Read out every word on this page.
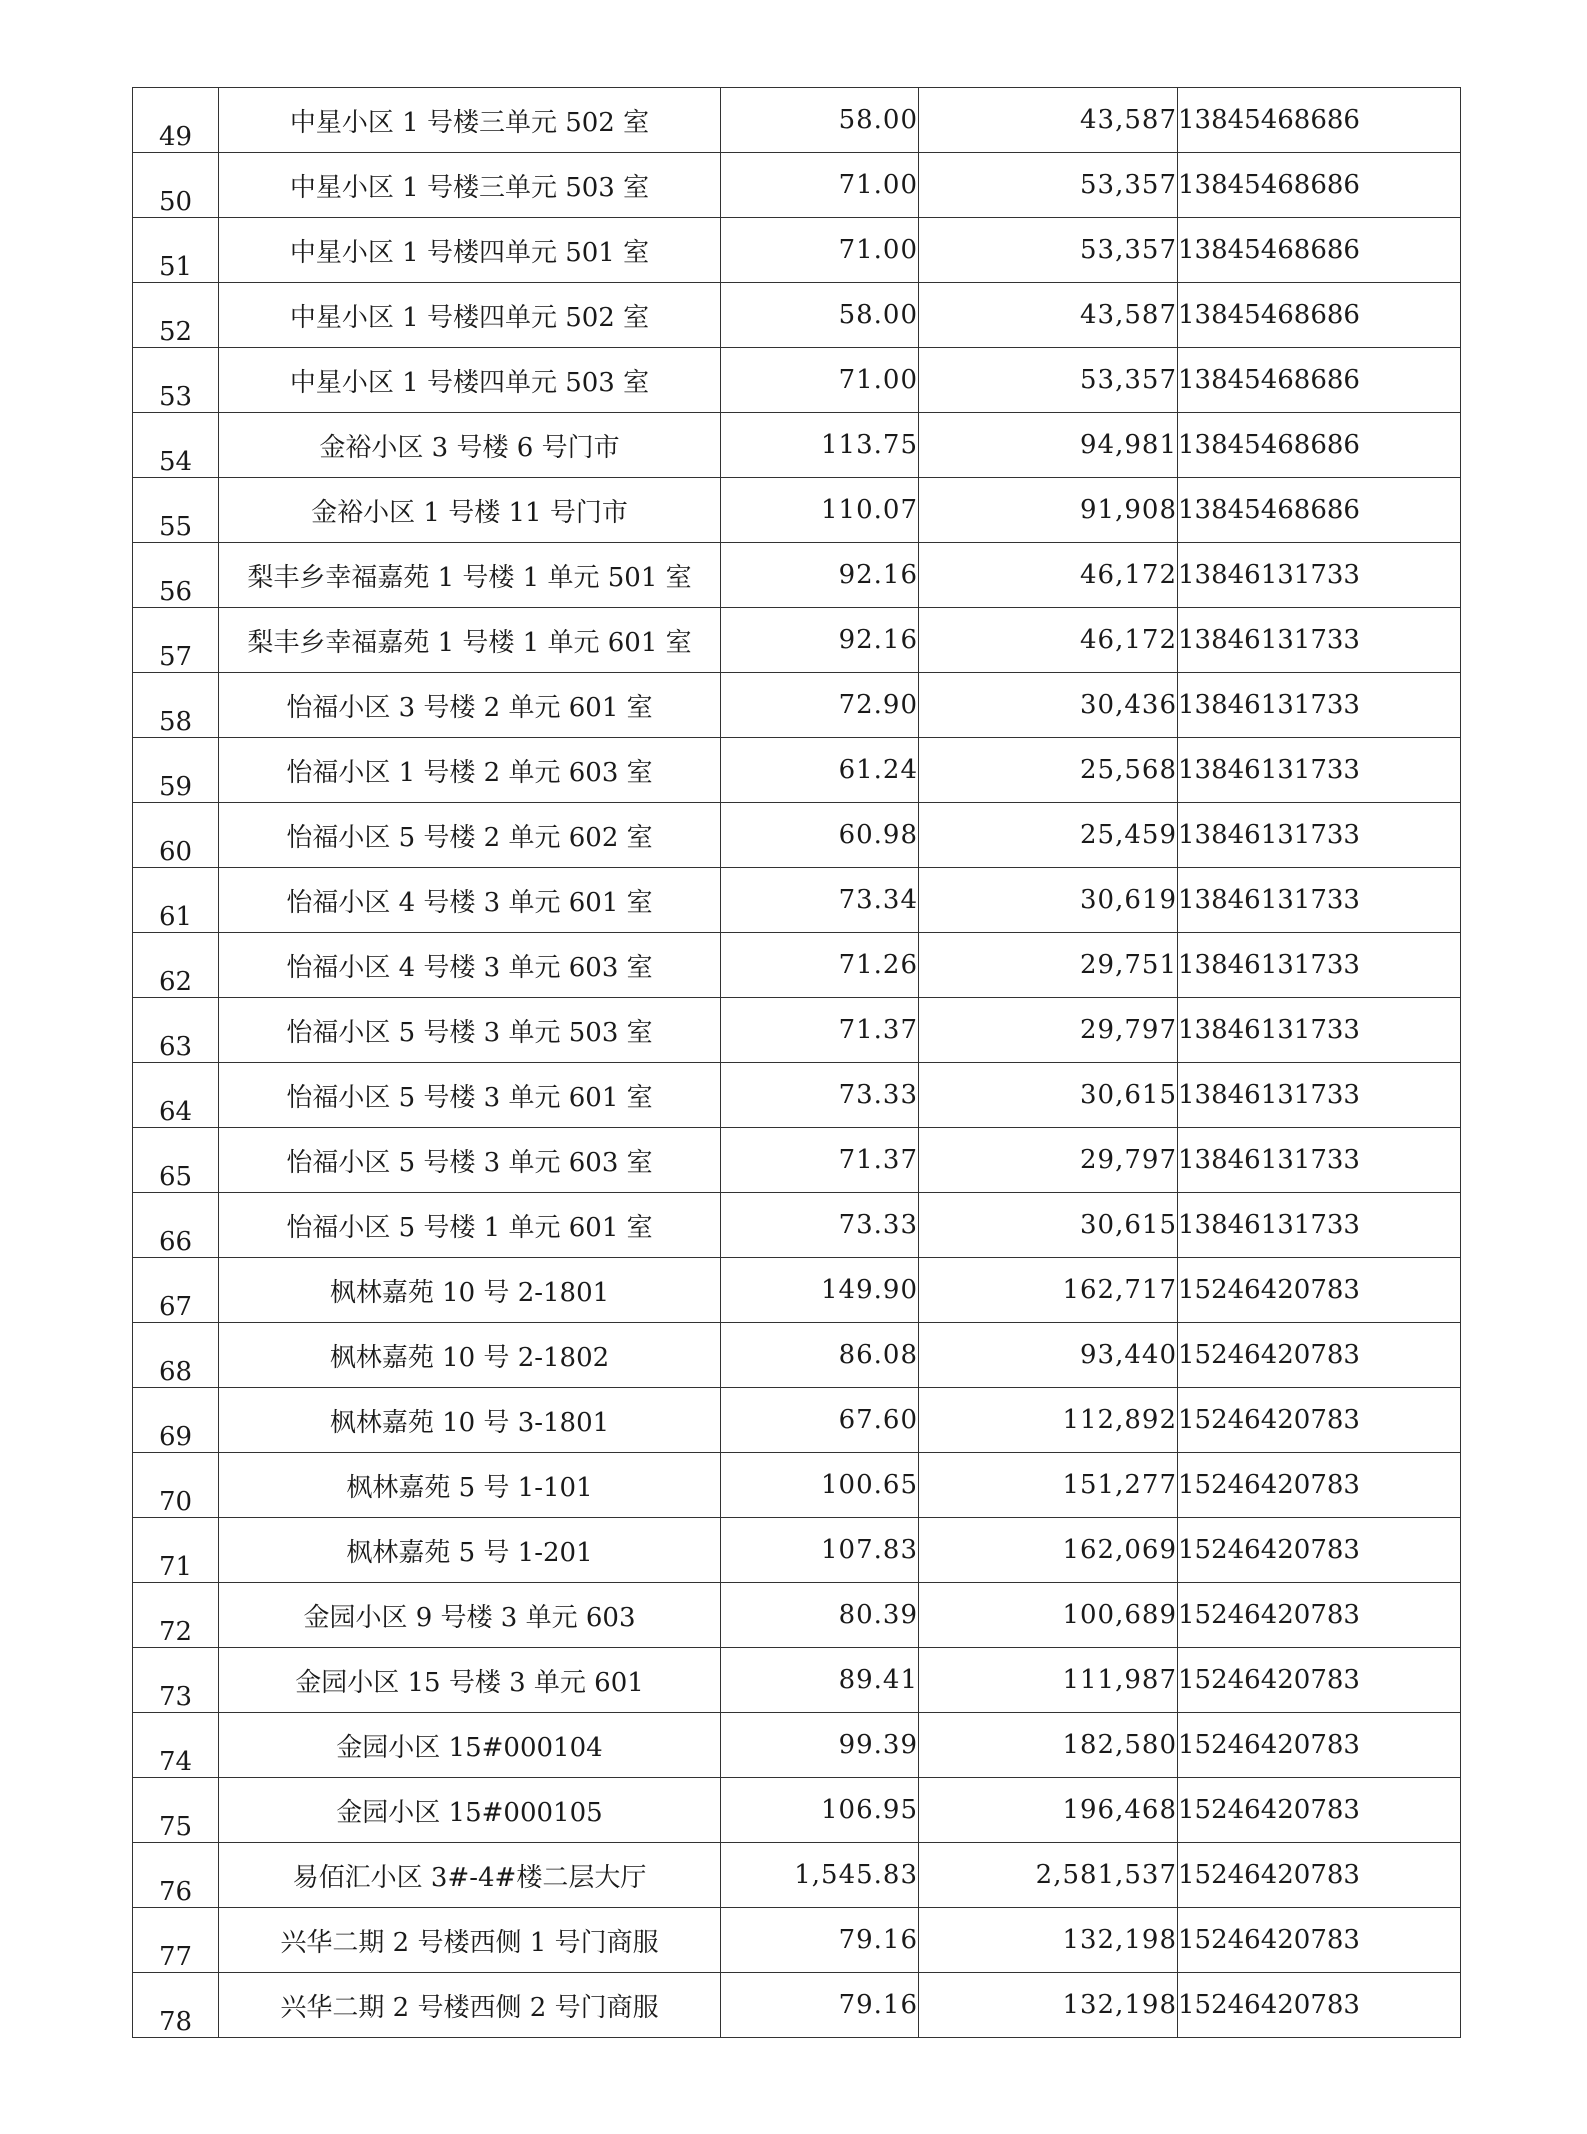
49	中星小区 1 号楼三单元 502 室	58.00	43,587	13845468686
50	中星小区 1 号楼三单元 503 室	71.00	53,357	13845468686
51	中星小区 1 号楼四单元 501 室	71.00	53,357	13845468686
52	中星小区 1 号楼四单元 502 室	58.00	43,587	13845468686
53	中星小区 1 号楼四单元 503 室	71.00	53,357	13845468686
54	金裕小区 3 号楼 6 号门市	113.75	94,981	13845468686
55	金裕小区 1 号楼 11 号门市	110.07	91,908	13845468686
56	梨丰乡幸福嘉苑 1 号楼 1 单元 501 室	92.16	46,172	13846131733
57	梨丰乡幸福嘉苑 1 号楼 1 单元 601 室	92.16	46,172	13846131733
58	怡福小区 3 号楼 2 单元 601 室	72.90	30,436	13846131733
59	怡福小区 1 号楼 2 单元 603 室	61.24	25,568	13846131733
60	怡福小区 5 号楼 2 单元 602 室	60.98	25,459	13846131733
61	怡福小区 4 号楼 3 单元 601 室	73.34	30,619	13846131733
62	怡福小区 4 号楼 3 单元 603 室	71.26	29,751	13846131733
63	怡福小区 5 号楼 3 单元 503 室	71.37	29,797	13846131733
64	怡福小区 5 号楼 3 单元 601 室	73.33	30,615	13846131733
65	怡福小区 5 号楼 3 单元 603 室	71.37	29,797	13846131733
66	怡福小区 5 号楼 1 单元 601 室	73.33	30,615	13846131733
67	枫林嘉苑 10 号 2-1801	149.90	162,717	15246420783
68	枫林嘉苑 10 号 2-1802	86.08	93,440	15246420783
69	枫林嘉苑 10 号 3-1801	67.60	112,892	15246420783
70	枫林嘉苑 5 号 1-101	100.65	151,277	15246420783
71	枫林嘉苑 5 号 1-201	107.83	162,069	15246420783
72	金园小区 9 号楼 3 单元 603	80.39	100,689	15246420783
73	金园小区 15 号楼 3 单元 601	89.41	111,987	15246420783
74	金园小区 15#000104	99.39	182,580	15246420783
75	金园小区 15#000105	106.95	196,468	15246420783
76	易佰汇小区 3#-4#楼二层大厅	1,545.83	2,581,537	15246420783
77	兴华二期 2 号楼西侧 1 号门商服	79.16	132,198	15246420783
78	兴华二期 2 号楼西侧 2 号门商服	79.16	132,198	15246420783
